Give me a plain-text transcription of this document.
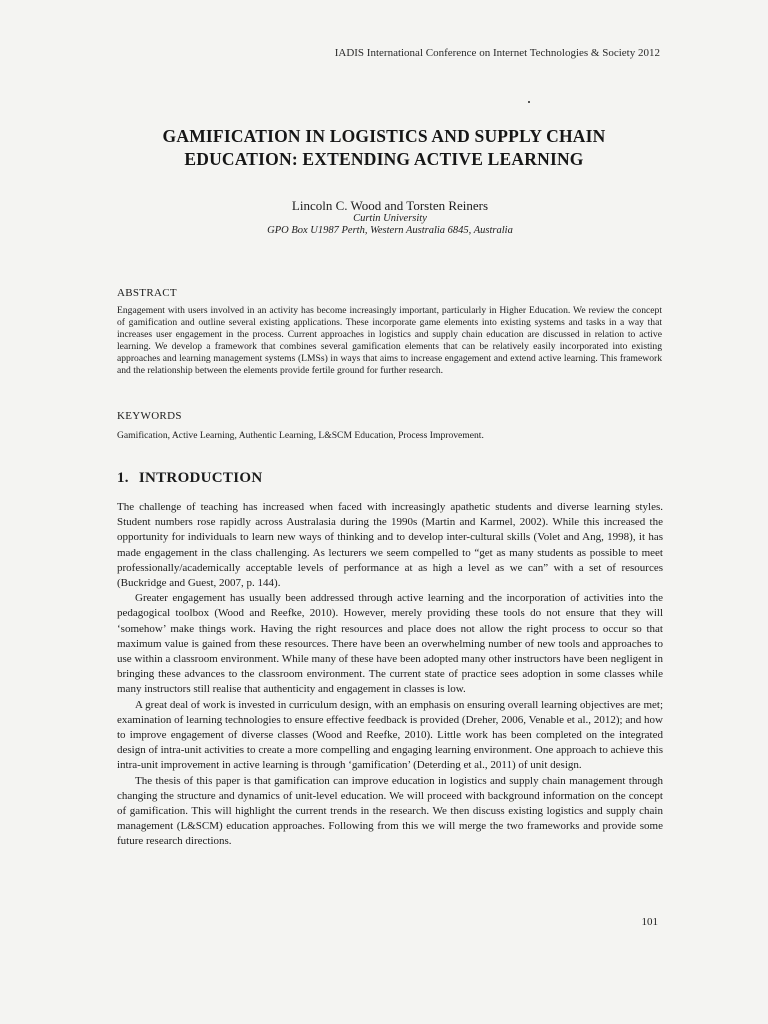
IADIS International Conference on Internet Technologies & Society 2012
GAMIFICATION IN LOGISTICS AND SUPPLY CHAIN
EDUCATION: EXTENDING ACTIVE LEARNING
Lincoln C. Wood and Torsten Reiners
Curtin University
GPO Box U1987 Perth, Western Australia 6845, Australia
ABSTRACT
Engagement with users involved in an activity has become increasingly important, particularly in Higher Education. We review the concept of gamification and outline several existing applications. These incorporate game elements into existing systems and tasks in a way that increases user engagement in the process. Current approaches in logistics and supply chain education are discussed in relation to active learning. We develop a framework that combines several gamification elements that can be relatively easily incorporated into existing approaches and learning management systems (LMSs) in ways that aims to increase engagement and extend active learning. This framework and the relationship between the elements provide fertile ground for further research.
KEYWORDS
Gamification, Active Learning, Authentic Learning, L&SCM Education, Process Improvement.
1. INTRODUCTION

The challenge of teaching has increased when faced with increasingly apathetic students and diverse learning styles. Student numbers rose rapidly across Australasia during the 1990s (Martin and Karmel, 2002). While this increased the opportunity for individuals to learn new ways of thinking and to develop inter-cultural skills (Volet and Ang, 1998), it has made engagement in the class challenging. As lecturers we seem compelled to “get as many students as possible to meet professionally/academically acceptable levels of performance at as high a level as we can” with a set of resources (Buckridge and Guest, 2007, p. 144).

Greater engagement has usually been addressed through active learning and the incorporation of activities into the pedagogical toolbox (Wood and Reefke, 2010). However, merely providing these tools do not ensure that they will ‘somehow’ make things work. Having the right resources and place does not allow the right process to occur so that maximum value is gained from these resources. There have been an overwhelming number of new tools and approaches to use within a classroom environment. While many of these have been adopted many other instructors have been negligent in bringing these advances to the classroom environment. The current state of practice sees adoption in some classes while many instructors still realise that authenticity and engagement in classes is low.

A great deal of work is invested in curriculum design, with an emphasis on ensuring overall learning objectives are met; examination of learning technologies to ensure effective feedback is provided (Dreher, 2006, Venable et al., 2012); and how to improve engagement of diverse classes (Wood and Reefke, 2010). Little work has been completed on the integrated design of intra-unit activities to create a more compelling and engaging learning environment. One approach to achieve this intra-unit improvement in active learning is through ‘gamification’ (Deterding et al., 2011) of unit design.

The thesis of this paper is that gamification can improve education in logistics and supply chain management through changing the structure and dynamics of unit-level education. We will proceed with background information on the concept of gamification. This will highlight the current trends in the research. We then discuss existing logistics and supply chain management (L&SCM) education approaches. Following from this we will merge the two frameworks and provide some future research directions.

101
